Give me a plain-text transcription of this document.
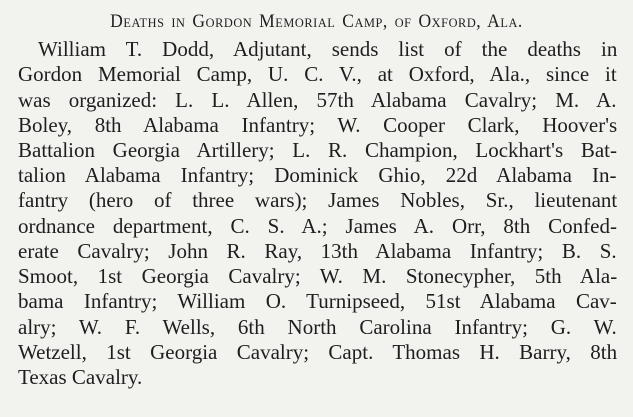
Deaths in Gordon Memorial Camp, of Oxford, Ala.
William T. Dodd, Adjutant, sends list of the deaths in
Gordon Memorial Camp, U. C. V., at Oxford, Ala., since it
was organized: L. L. Allen, 57th Alabama Cavalry; M. A.
Boley, 8th Alabama Infantry; W. Cooper Clark, Hoover's
Battalion Georgia Artillery; L. R. Champion, Lockhart's Bat-
talion Alabama Infantry; Dominick Ghio, 22d Alabama In-
fantry (hero of three wars); James Nobles, Sr., lieutenant
ordnance department, C. S. A.; James A. Orr, 8th Confed-
erate Cavalry; John R. Ray, 13th Alabama Infantry; B. S.
Smoot, 1st Georgia Cavalry; W. M. Stonecypher, 5th Ala-
bama Infantry; William O. Turnipseed, 51st Alabama Cav-
alry; W. F. Wells, 6th North Carolina Infantry; G. W.
Wetzell, 1st Georgia Cavalry; Capt. Thomas H. Barry, 8th
Texas Cavalry.
